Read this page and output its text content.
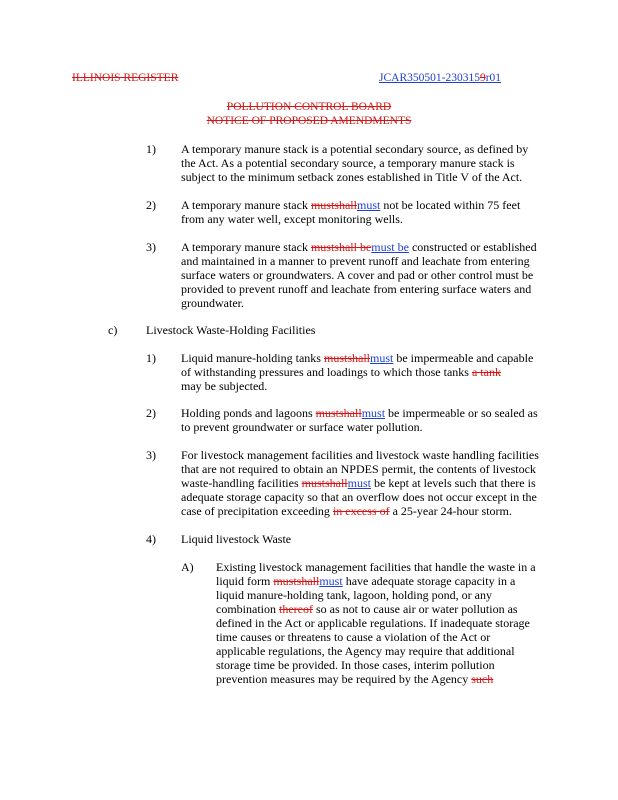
ILLINOIS REGISTER	JCAR350501-2303159r01
POLLUTION CONTROL BOARD
NOTICE OF PROPOSED AMENDMENTS
1) A temporary manure stack is a potential secondary source, as defined by
the Act. As a potential secondary source, a temporary manure stack is
subject to the minimum setback zones established in Title V of the Act.
2) A temporary manure stack mustshallmust not be located within 75 feet
from any water well, except monitoring wells.
3) A temporary manure stack mustshall bemust be constructed or established
and maintained in a manner to prevent runoff and leachate from entering
surface waters or groundwaters. A cover and pad or other control must be
provided to prevent runoff and leachate from entering surface waters and
groundwater.
c) Livestock Waste-Holding Facilities
1) Liquid manure-holding tanks mustshallmust be impermeable and capable
of withstanding pressures and loadings to which those tanks a tank
may be subjected.
2) Holding ponds and lagoons mustshallmust be impermeable or so sealed as
to prevent groundwater or surface water pollution.
3) For livestock management facilities and livestock waste handling facilities
that are not required to obtain an NPDES permit, the contents of livestock
waste-handling facilities mustshallmust be kept at levels such that there is
adequate storage capacity so that an overflow does not occur except in the
case of precipitation exceeding in excess of a 25-year 24-hour storm.
4) Liquid livestock Waste
A) Existing livestock management facilities that handle the waste in a
liquid form mustshallmust have adequate storage capacity in a
liquid manure-holding tank, lagoon, holding pond, or any
combination thereof so as not to cause air or water pollution as
defined in the Act or applicable regulations. If inadequate storage
time causes or threatens to cause a violation of the Act or
applicable regulations, the Agency may require that additional
storage time be provided. In those cases, interim pollution
prevention measures may be required by the Agency such
